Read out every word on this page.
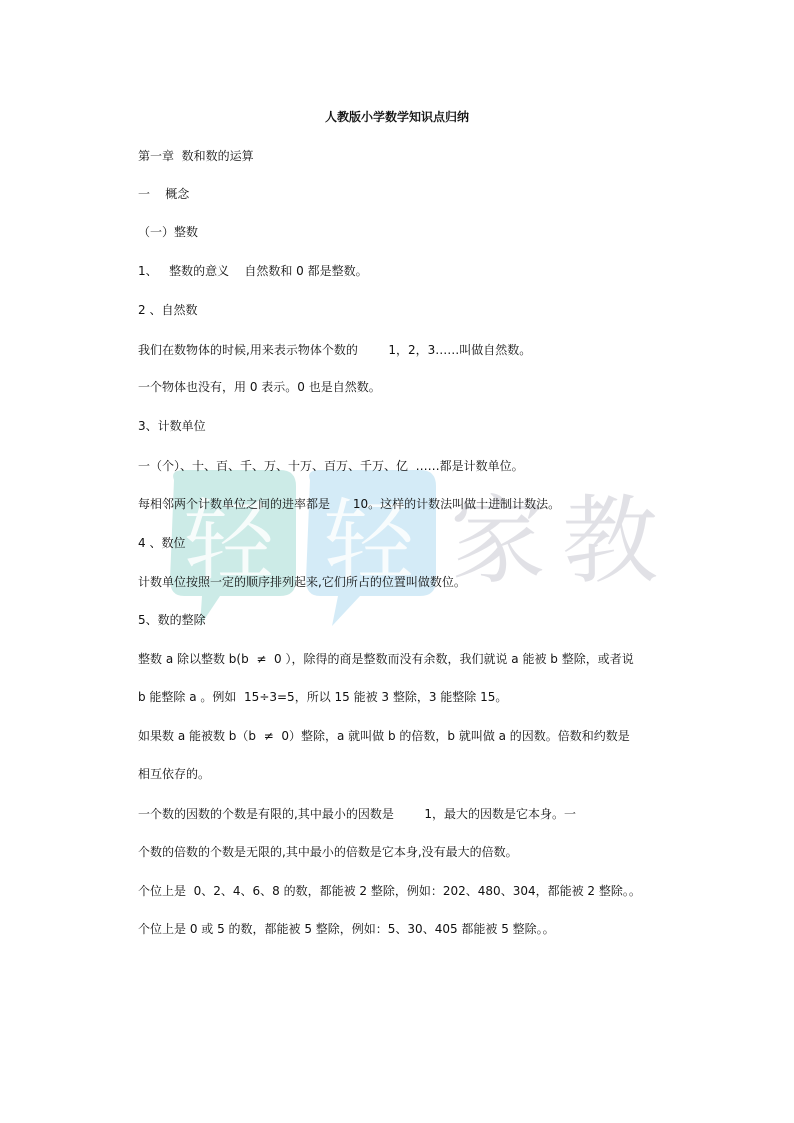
轻 轻 家 教
人教版小学数学知识点归纳
第一章  数和数的运算
一    概念
（一）整数
1、   整数的意义    自然数和 0 都是整数。
2 、自然数
我们在数物体的时候,用来表示物体个数的        1，2，3……叫做自然数。
一个物体也没有，用 0 表示。0 也是自然数。
3、计数单位
一（个）、十、百、千、万、十万、百万、千万、亿  ……都是计数单位。
每相邻两个计数单位之间的进率都是      10。这样的计数法叫做十进制计数法。
4 、数位
计数单位按照一定的顺序排列起来,它们所占的位置叫做数位。
5、数的整除
整数 a 除以整数 b(b  ≠  0 ），除得的商是整数而没有余数，我们就说 a 能被 b 整除，或者说
b 能整除 a 。例如  15÷3=5，所以 15 能被 3 整除，3 能整除 15。
如果数 a 能被数 b（b  ≠  0）整除，a 就叫做 b 的倍数，b 就叫做 a 的因数。倍数和约数是
相互依存的。
一个数的因数的个数是有限的,其中最小的因数是        1，最大的因数是它本身。一
个数的倍数的个数是无限的,其中最小的倍数是它本身,没有最大的倍数。
个位上是  0、2、4、6、8 的数，都能被 2 整除，例如：202、480、304，都能被 2 整除。。
个位上是 0 或 5 的数，都能被 5 整除，例如：5、30、405 都能被 5 整除。。
